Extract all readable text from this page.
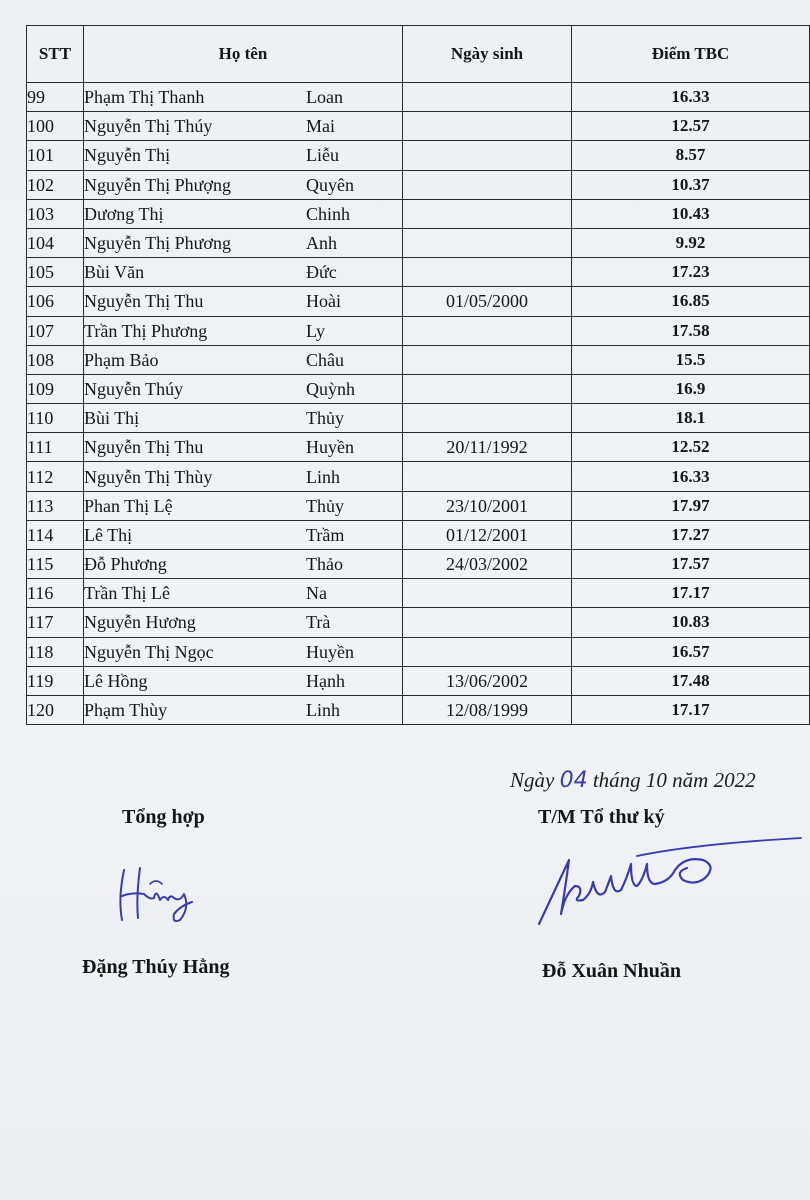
STT	Họ tên	Ngày sinh	Điểm TBC
99	Phạm Thị Thanh Loan		16.33
100	Nguyễn Thị Thúy Mai		12.57
101	Nguyễn Thị Liễu		8.57
102	Nguyễn Thị Phượng Quyên		10.37
103	Dương Thị Chinh		10.43
104	Nguyễn Thị Phương Anh		9.92
105	Bùi Văn Đức		17.23
106	Nguyễn Thị Thu Hoài	01/05/2000	16.85
107	Trần Thị Phương Ly		17.58
108	Phạm Bảo Châu		15.5
109	Nguyễn Thúy Quỳnh		16.9
110	Bùi Thị Thủy		18.1
111	Nguyễn Thị Thu Huyền	20/11/1992	12.52
112	Nguyễn Thị Thùy Linh		16.33
113	Phan Thị Lệ Thủy	23/10/2001	17.97
114	Lê Thị Trầm	01/12/2001	17.27
115	Đỗ Phương Thảo	24/03/2002	17.57
116	Trần Thị Lê Na		17.17
117	Nguyễn Hương Trà		10.83
118	Nguyễn Thị Ngọc Huyền		16.57
119	Lê Hồng Hạnh	13/06/2002	17.48
120	Phạm Thùy Linh	12/08/1999	17.17
Ngày 04 tháng 10 năm 2022
Tổng hợp	T/M Tổ thư ký
Đặng Thúy Hằng	Đỗ Xuân Nhuần
